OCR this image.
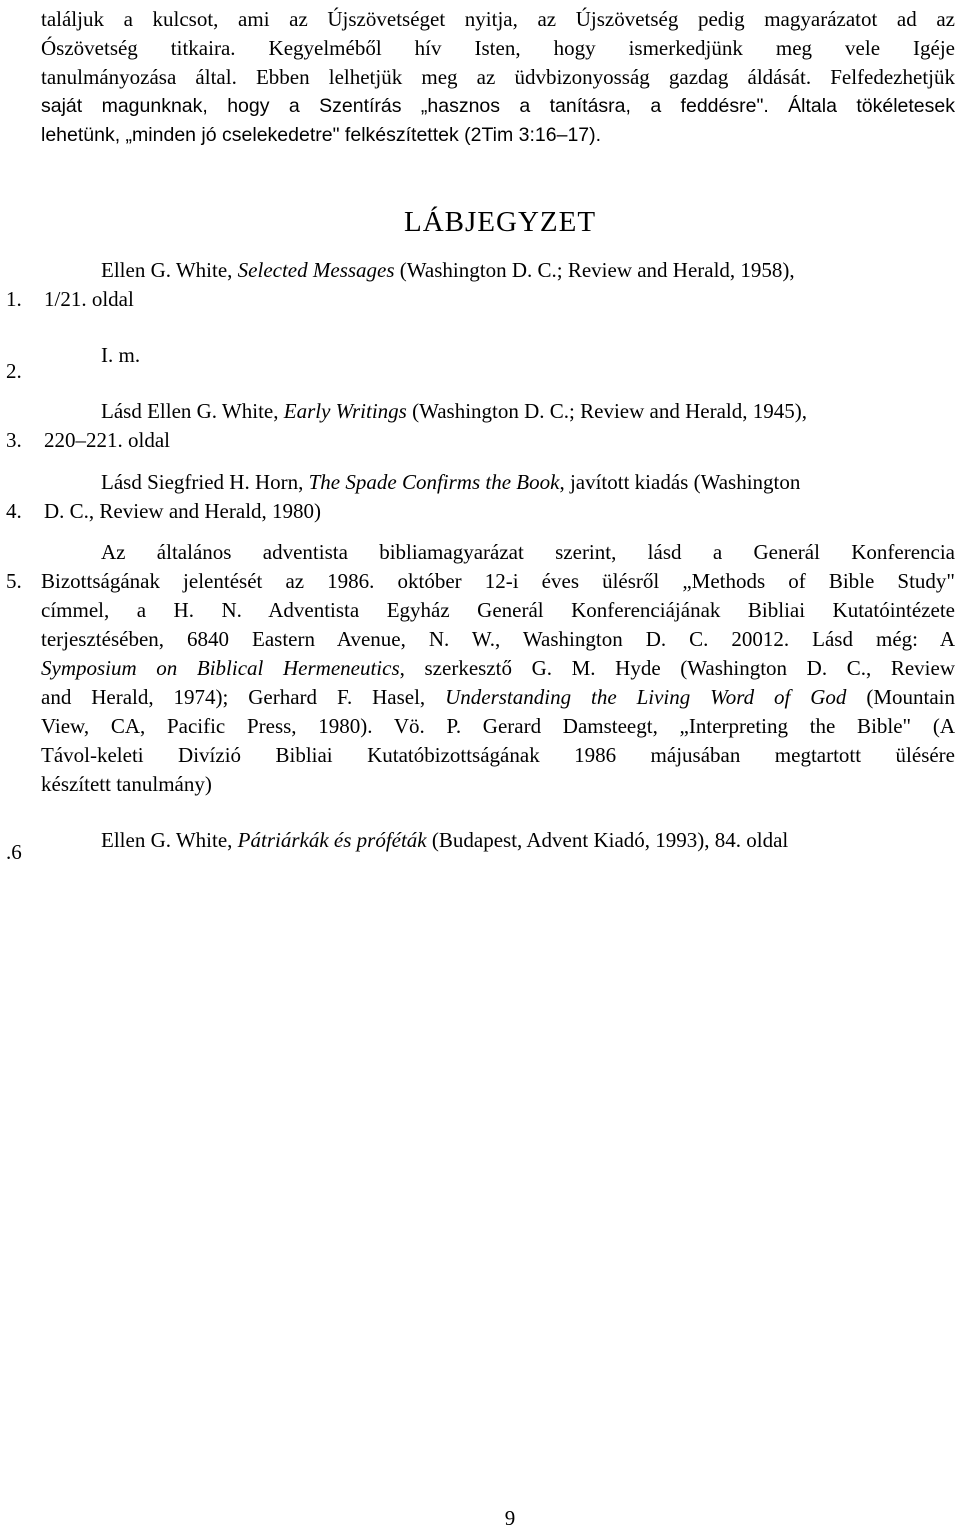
találjuk a kulcsot, ami az Újszövetséget nyitja, az Újszövetség pedig magyarázatot ad az
Ószövetség titkaira. Kegyelméből hív Isten, hogy ismerkedjünk meg vele Igéje
tanulmányozása által. Ebben lelhetjük meg az üdvbizonyosság gazdag áldását. Felfedezhetjük
saját magunknak, hogy a Szentírás „hasznos a tanításra, a feddésre". Általa tökéletesek
lehetünk, „minden jó cselekedetre" felkészítettek (2Tim 3:16–17).
LÁBJEGYZET
Ellen G. White, Selected Messages (Washington D. C.; Review and Herald, 1958),
1. 1/21. oldal
I. m.
2.
Lásd Ellen G. White, Early Writings (Washington D. C.; Review and Herald, 1945),
3. 220–221. oldal
Lásd Siegfried H. Horn, The Spade Confirms the Book, javított kiadás (Washington
4. D. C., Review and Herald, 1980)
Az általános adventista bibliamagyarázat szerint, lásd a Generál Konferencia
5. Bizottságának jelentését az 1986. október 12-i éves ülésről „Methods of Bible Study"
címmel, a H. N. Adventista Egyház Generál Konferenciájának Bibliai Kutatóintézete
terjesztésében, 6840 Eastern Avenue, N. W., Washington D. C. 20012. Lásd még: A
Symposium on Biblical Hermeneutics, szerkesztő G. M. Hyde (Washington D. C., Review
and Herald, 1974); Gerhard F. Hasel, Understanding the Living Word of God (Mountain
View, CA, Pacific Press, 1980). Vö. P. Gerard Damsteegt, „Interpreting the Bible" (A
Távol-keleti Divízió Bibliai Kutatóbizottságának 1986 májusában megtartott ülésére
készített tanulmány)
Ellen G. White, Pátriárkák és próféták (Budapest, Advent Kiadó, 1993), 84. oldal
.6
9
